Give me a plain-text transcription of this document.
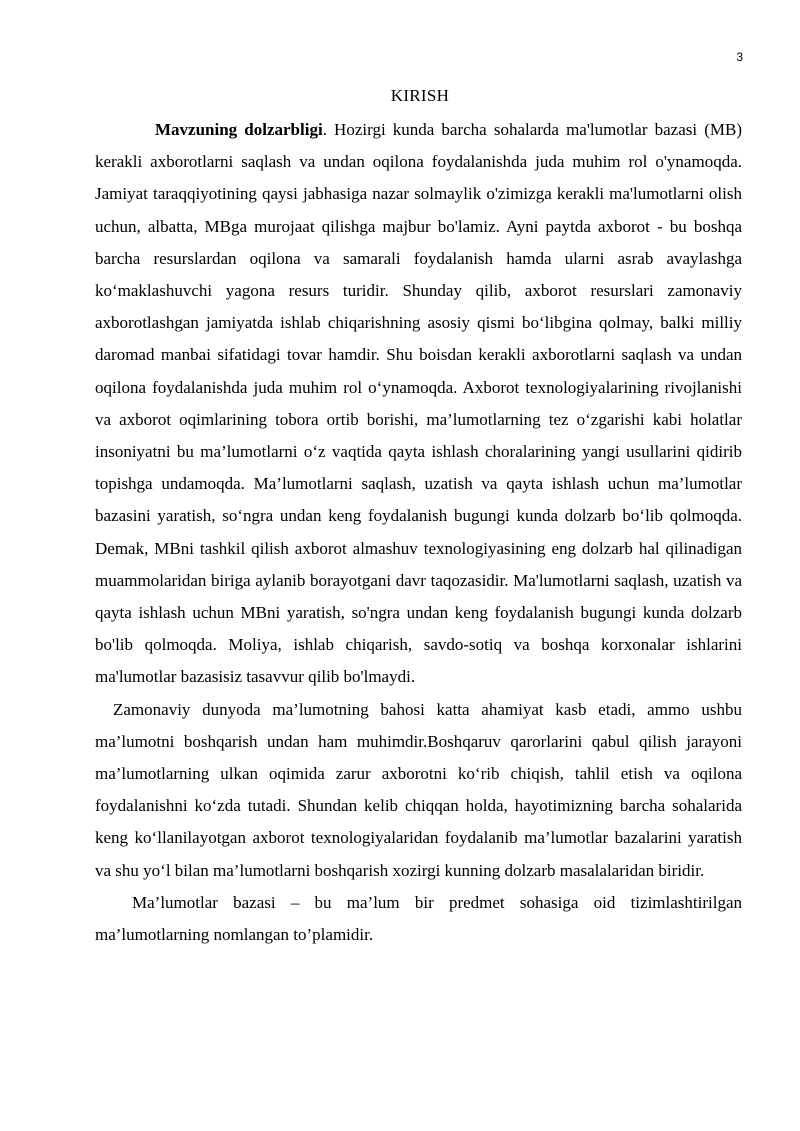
3
KIRISH

Mavzuning dolzarbligi. Hozirgi kunda barcha sohalarda ma'lumotlar bazasi (MB) kerakli axborotlarni saqlash va undan oqilona foydalanishda juda muhim rol o'ynamoqda. Jamiyat taraqqiyotining qaysi jabhasiga nazar solmaylik o'zimizga kerakli ma'lumotlarni olish uchun, albatta, MBga murojaat qilishga majbur bo'lamiz. Ayni paytda axborot - bu boshqa barcha resurslardan oqilona va samarali foydalanish hamda ularni asrab avaylashga ko‘maklashuvchi yagona resurs turidir. Shunday qilib, axborot resurslari zamonaviy axborotlashgan jamiyatda ishlab chiqarishning asosiy qismi bo‘libgina qolmay, balki milliy daromad manbai sifatidagi tovar hamdir. Shu boisdan kerakli axborotlarni saqlash va undan oqilona foydalanishda juda muhim rol o‘ynamoqda. Axborot texnologiyalarining rivojlanishi va axborot oqimlarining tobora ortib borishi, ma’lumotlarning tez o‘zgarishi kabi holatlar insoniyatni bu ma’lumotlarni o‘z vaqtida qayta ishlash choralarining yangi usullarini qidirib topishga undamoqda. Ma’lumotlarni saqlash, uzatish va qayta ishlash uchun ma’lumotlar bazasini yaratish, so‘ngra undan keng foydalanish bugungi kunda dolzarb bo‘lib qolmoqda. Demak, MBni tashkil qilish axborot almashuv texnologiyasining eng dolzarb hal qilinadigan muammolaridan biriga aylanib borayotgani davr taqozasidir. Ma'lumotlarni saqlash, uzatish va qayta ishlash uchun MBni yaratish, so'ngra undan keng foydalanish bugungi kunda dolzarb bo'lib qolmoqda. Moliya, ishlab chiqarish, savdo-sotiq va boshqa korxonalar ishlarini ma'lumotlar bazasisiz tasavvur qilib bo'lmaydi.

Zamonaviy dunyoda ma’lumotning bahosi katta ahamiyat kasb etadi, ammo ushbu ma’lumotni boshqarish undan ham muhimdir.Boshqaruv qarorlarini qabul qilish jarayoni ma’lumotlarning ulkan oqimida zarur axborotni ko‘rib chiqish, tahlil etish va oqilona foydalanishni ko‘zda tutadi. Shundan kelib chiqqan holda, hayotimizning barcha sohalarida keng ko‘llanilayotgan axborot texnologiyalaridan foydalanib ma’lumotlar bazalarini yaratish va shu yo‘l bilan ma’lumotlarni boshqarish xozirgi kunning dolzarb masalalaridan biridir.

Ma’lumotlar bazasi – bu ma’lum bir predmet sohasiga oid tizimlashtirilgan ma’lumotlarning nomlangan to’plamidir.
